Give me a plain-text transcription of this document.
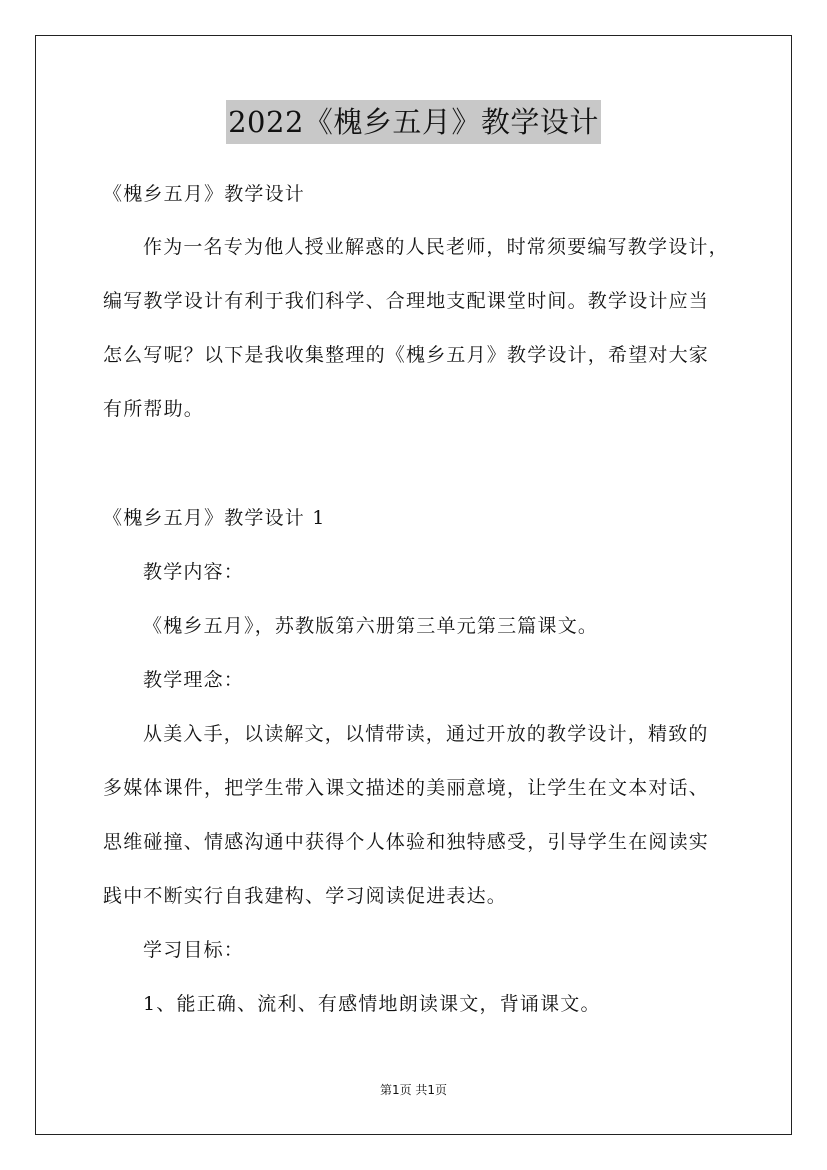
2022《槐乡五月》教学设计
《槐乡五月》教学设计
作为一名专为他人授业解惑的人民老师，时常须要编写教学设计，
编写教学设计有利于我们科学、合理地支配课堂时间。教学设计应当
怎么写呢？以下是我收集整理的《槐乡五月》教学设计，希望对大家
有所帮助。
《槐乡五月》教学设计 1
教学内容：
《槐乡五月》，苏教版第六册第三单元第三篇课文。
教学理念：
从美入手，以读解文，以情带读，通过开放的教学设计，精致的
多媒体课件，把学生带入课文描述的美丽意境，让学生在文本对话、
思维碰撞、情感沟通中获得个人体验和独特感受，引导学生在阅读实
践中不断实行自我建构、学习阅读促进表达。
学习目标：
1、能正确、流利、有感情地朗读课文，背诵课文。
第1页 共1页
